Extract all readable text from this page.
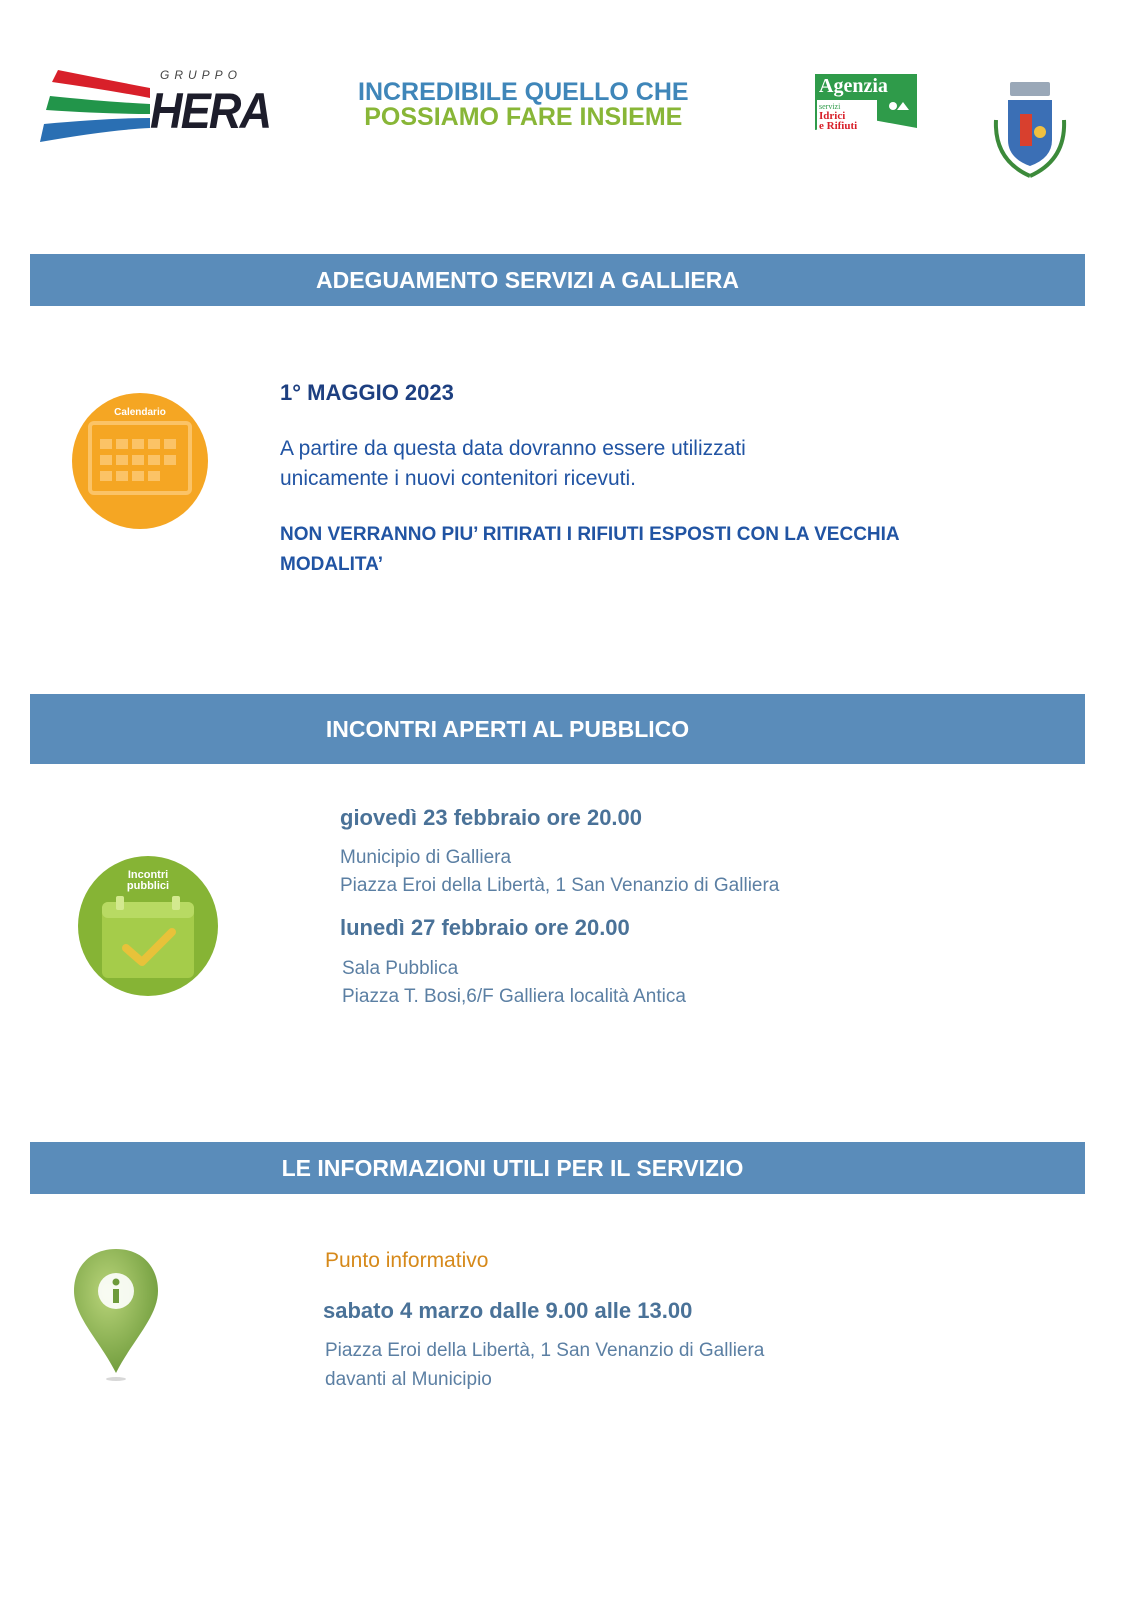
GRUPPO
HERA	INCREDIBILE QUELLO CHE
POSSIAMO FARE INSIEME
Agenzia
servizi
Idrici
e Rifiuti
ADEGUAMENTO SERVIZI A GALLIERA
Calendario
1° MAGGIO 2023
A partire da questa data dovranno essere utilizzati
unicamente i nuovi contenitori ricevuti.
NON VERRANNO PIU’ RITIRATI I RIFIUTI ESPOSTI CON LA VECCHIA
MODALITA’
INCONTRI APERTI AL PUBBLICO
Incontri
pubblici
giovedì 23 febbraio ore 20.00
Municipio di Galliera
Piazza Eroi della Libertà, 1 San Venanzio di Galliera
lunedì 27 febbraio ore 20.00
Sala Pubblica
Piazza T. Bosi,6/F Galliera località Antica
LE INFORMAZIONI UTILI PER IL SERVIZIO
Punto informativo
sabato 4 marzo dalle 9.00 alle 13.00
Piazza Eroi della Libertà, 1 San Venanzio di Galliera
davanti al Municipio
